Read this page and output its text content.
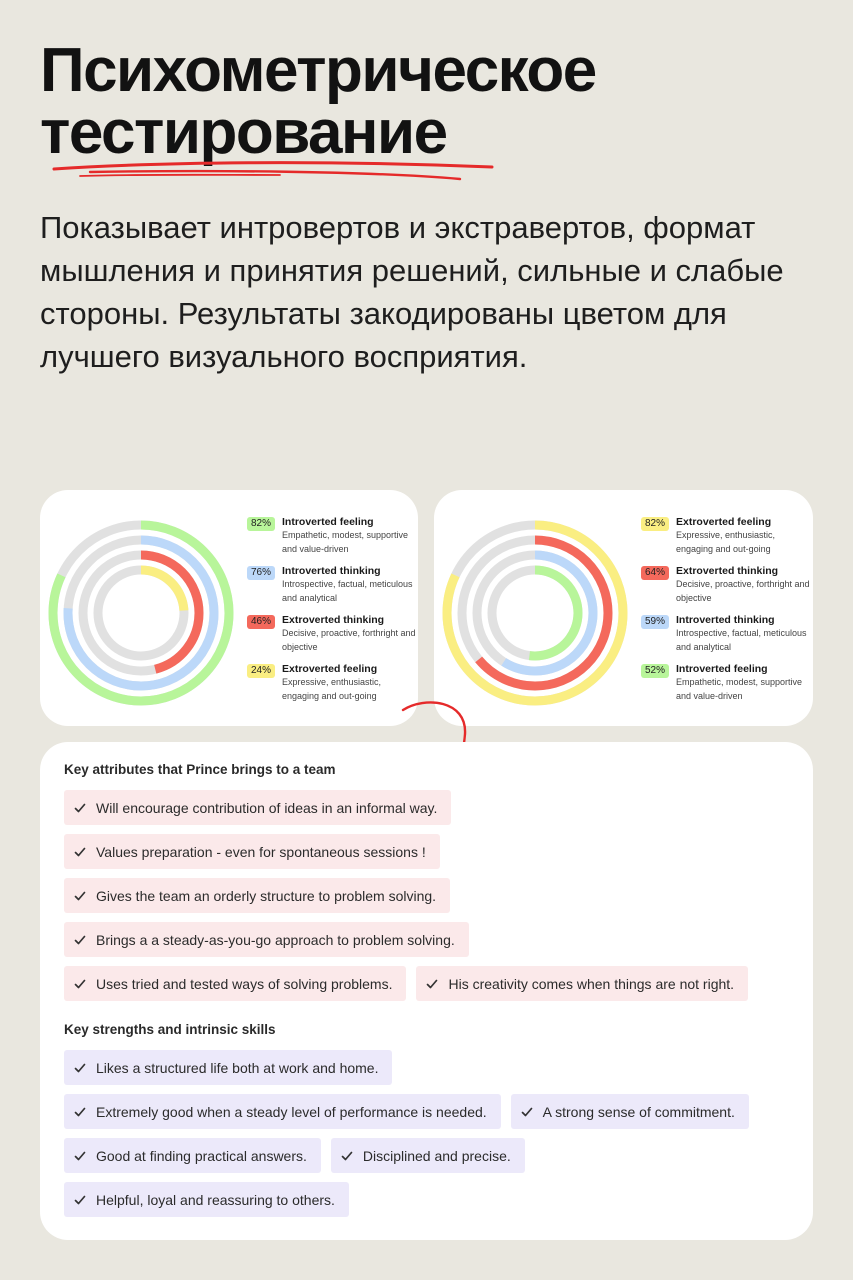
Психометрическое
тестирование

Показывает интровертов и экстравертов, формат мышления и принятия решений, сильные и слабые стороны. Результаты закодированы цветом для лучшего визуального восприятия.

82%	Introverted feeling
Empathetic, modest, supportive and value-driven
76%	Introverted thinking
Introspective, factual, meticulous and analytical
46%	Extroverted thinking
Decisive, proactive, forthright and objective
24%	Extroverted feeling
Expressive, enthusiastic, engaging and out-going
82%	Extroverted feeling
Expressive, enthusiastic, engaging and out-going
64%	Extroverted thinking
Decisive, proactive, forthright and objective
59%	Introverted thinking
Introspective, factual, meticulous and analytical
52%	Introverted feeling
Empathetic, modest, supportive and value-driven
Key attributes that Prince brings to a team
Will encourage contribution of ideas in an informal way.
Values preparation - even for spontaneous sessions !
Gives the team an orderly structure to problem solving.
Brings a a steady-as-you-go approach to problem solving.
Uses tried and tested ways of solving problems.	His creativity comes when things are not right.
Key strengths and intrinsic skills
Likes a structured life both at work and home.
Extremely good when a steady level of performance is needed.	A strong sense of commitment.
Good at finding practical answers.	Disciplined and precise.
Helpful, loyal and reassuring to others.
